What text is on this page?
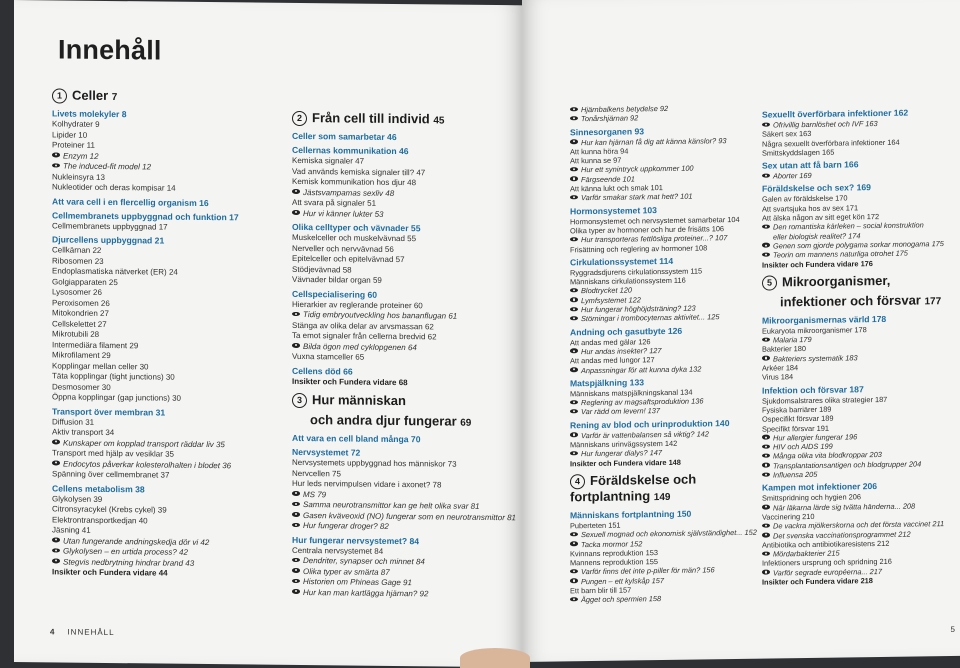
Innehåll
1 Celler 7
Livets molekyler 8
Kolhydrater 9
Lipider 10
Proteiner 11
Enzym 12
The induced-fit model 12
Nukleinsyra 13
Nukleotider och deras kompisar 14
Att vara cell i en flercellig organism 16
Cellmembranets uppbyggnad och funktion 17
Cellmembranets uppbyggnad 17
Djurcellens uppbyggnad 21
Cellkärnan 22
Ribosomen 23
Endoplasmatiska nätverket (ER) 24
Golgiapparaten 25
Lysosomer 26
Peroxisomen 26
Mitokondrien 27
Cellskelettet 27
Mikrotubili 28
Intermediära filament 29
Mikrofilament 29
Kopplingar mellan celler 30
Täta kopplingar (tight junctions) 30
Desmosomer 30
Öppna kopplingar (gap junctions) 30
Transport över membran 31
Diffusion 31
Aktiv transport 34
Kunskaper om kopplad transport räddar liv 35
Transport med hjälp av vesiklar 35
Endocytos påverkar kolesterolhalten i blodet 36
Spänning över cellmembranet 37
Cellens metabolism 38
Glykolysen 39
Citronsyracykel (Krebs cykel) 39
Elektrontransportkedjan 40
Jäsning 41
Utan fungerande andningskedja dör vi 42
Glykolysen – en urtida process? 42
Stegvis nedbrytning hindrar brand 43
Insikter och Fundera vidare 44
2 Från cell till individ 45
Celler som samarbetar 46
Cellernas kommunikation 46
Kemiska signaler 47
Vad används kemiska signaler till? 47
Kemisk kommunikation hos djur 48
Jästsvampamas sexliv 48
Att svara på signaler 51
Hur vi känner lukter 53
Olika celltyper och vävnader 55
Muskelceller och muskelvävnad 55
Nerveller och nervvävnad 56
Epitelceller och epitelvävnad 57
Stödjevävnad 58
Vävnader bildar organ 59
Cellspecialisering 60
Hierarkier av reglerande proteiner 60
Tidig embryoutveckling hos bananflugan 61
Stänga av olika delar av arvsmassan 62
Ta emot signaler från cellerna bredvid 62
Bilda ögon med cyklopgenen 64
Vuxna stamceller 65
Cellens död 66
Insikter och Fundera vidare 68
3 Hur människan
och andra djur fungerar 69
Att vara en cell bland många 70
Nervsystemet 72
Nervsystemets uppbyggnad hos människor 73
Nervcellen 75
Hur leds nervimpulsen vidare i axonet? 78
MS 79
Samma neurotransmittor kan ge helt olika svar 81
Gasen kväveoxid (NO) fungerar som en neurotransmittor 81
Hur fungerar droger? 82
Hur fungerar nervsystemet? 84
Centrala nervsystemet 84
Dendriter, synapser och minnet 84
Olika typer av smärta 87
Historien om Phineas Gage 91
Hur kan man kartlägga hjärnan? 92
4 INNEHÅLL
Hjärnbalkens betydelse 92
Tonårshjärnan 92
Sinnesorganen 93
Hur kan hjärnan få dig att känna känslor? 93
Att kunna höra 94
Att kunna se 97
Hur ett synintryck uppkommer 100
Färgseende 101
Att känna lukt och smak 101
Varför smakar stark mat hett? 101
Hormonsystemet 103
Hormonsystemet och nervsystemet samarbetar 104
Olika typer av hormoner och hur de frisätts 106
Hur transporteras fettlösliga proteiner...? 107
Frisättning och reglering av hormoner 108
Cirkulationssystemet 114
Ryggradsdjurens cirkulationssystem 115
Människans cirkulationssystem 116
Blodtrycket 120
Lymfsystemet 122
Hur fungerar höghöjdsträning? 123
Störningar i trombocyternas aktivitet... 125
Andning och gasutbyte 126
Att andas med gälar 126
Hur andas insekter? 127
Att andas med lungor 127
Anpassningar för att kunna dyka 132
Matspjälkning 133
Människans matspjälkningskanal 134
Reglering av magsaftsproduktion 136
Var rädd om levern! 137
Rening av blod och urinproduktion 140
Varför är vattenbalansen så viktig? 142
Människans urinvägssystem 142
Hur fungerar dialys? 147
Insikter och Fundera vidare 148
4 Föräldskelse och fortplantning 149
Människans fortplantning 150
Puberteten 151
Sexuell mognad och ekonomisk självständighet... 152
Tacka mormor 152
Kvinnans reproduktion 153
Mannens reproduktion 155
Varför finns det inte p-piller för män? 156
Pungen – ett kylskåp 157
Ett barn blir till 157
Ägget och spermien 158
Sexuellt överförbara infektioner 162
Ofrivillig barnlöshet och IVF 163
Säkert sex 163
Några sexuellt överförbara infektioner 164
Smittskyddslagen 165
Sex utan att få barn 166
Aborter 169
Föräldskelse och sex? 169
Galen av föräldskelse 170
Att svartsjuka hos av sex 171
Att älska någon av sitt eget kön 172
Den romantiska kärleken – social konstruktion
eller biologisk realitet? 174
Genen som gjorde polygama sorkar monogama 175
Teorin om mannens naturliga otrohet 175
Insikter och Fundera vidare 176
5 Mikroorganismer,
infektioner och försvar 177
Mikroorganismernas värld 178
Eukaryota mikroorganismer 178
Malaria 179
Bakterier 180
Bakteriers systematik 183
Arkéer 184
Virus 184
Infektion och försvar 187
Sjukdomsalstrares olika strategier 187
Fysiska barriärer 189
Ospecifikt försvar 189
Specifikt försvar 191
Hur allergier fungerar 196
HIV och AIDS 199
Många olika vita blodkroppar 203
Transplantationsantigen och blodgrupper 204
Influensa 205
Kampen mot infektioner 206
Smittspridning och hygien 206
När läkarna lärde sig tvätta händerna... 208
Vaccinering 210
De vackra mjölkerskorna och det första vaccinet 211
Det svenska vaccinationsprogrammet 212
Antibiotika och antibiotikaresistens 212
Mördarbakterier 215
Infektioners ursprung och spridning 216
Varför segrade européerna... 217
Insikter och Fundera vidare 218
5
